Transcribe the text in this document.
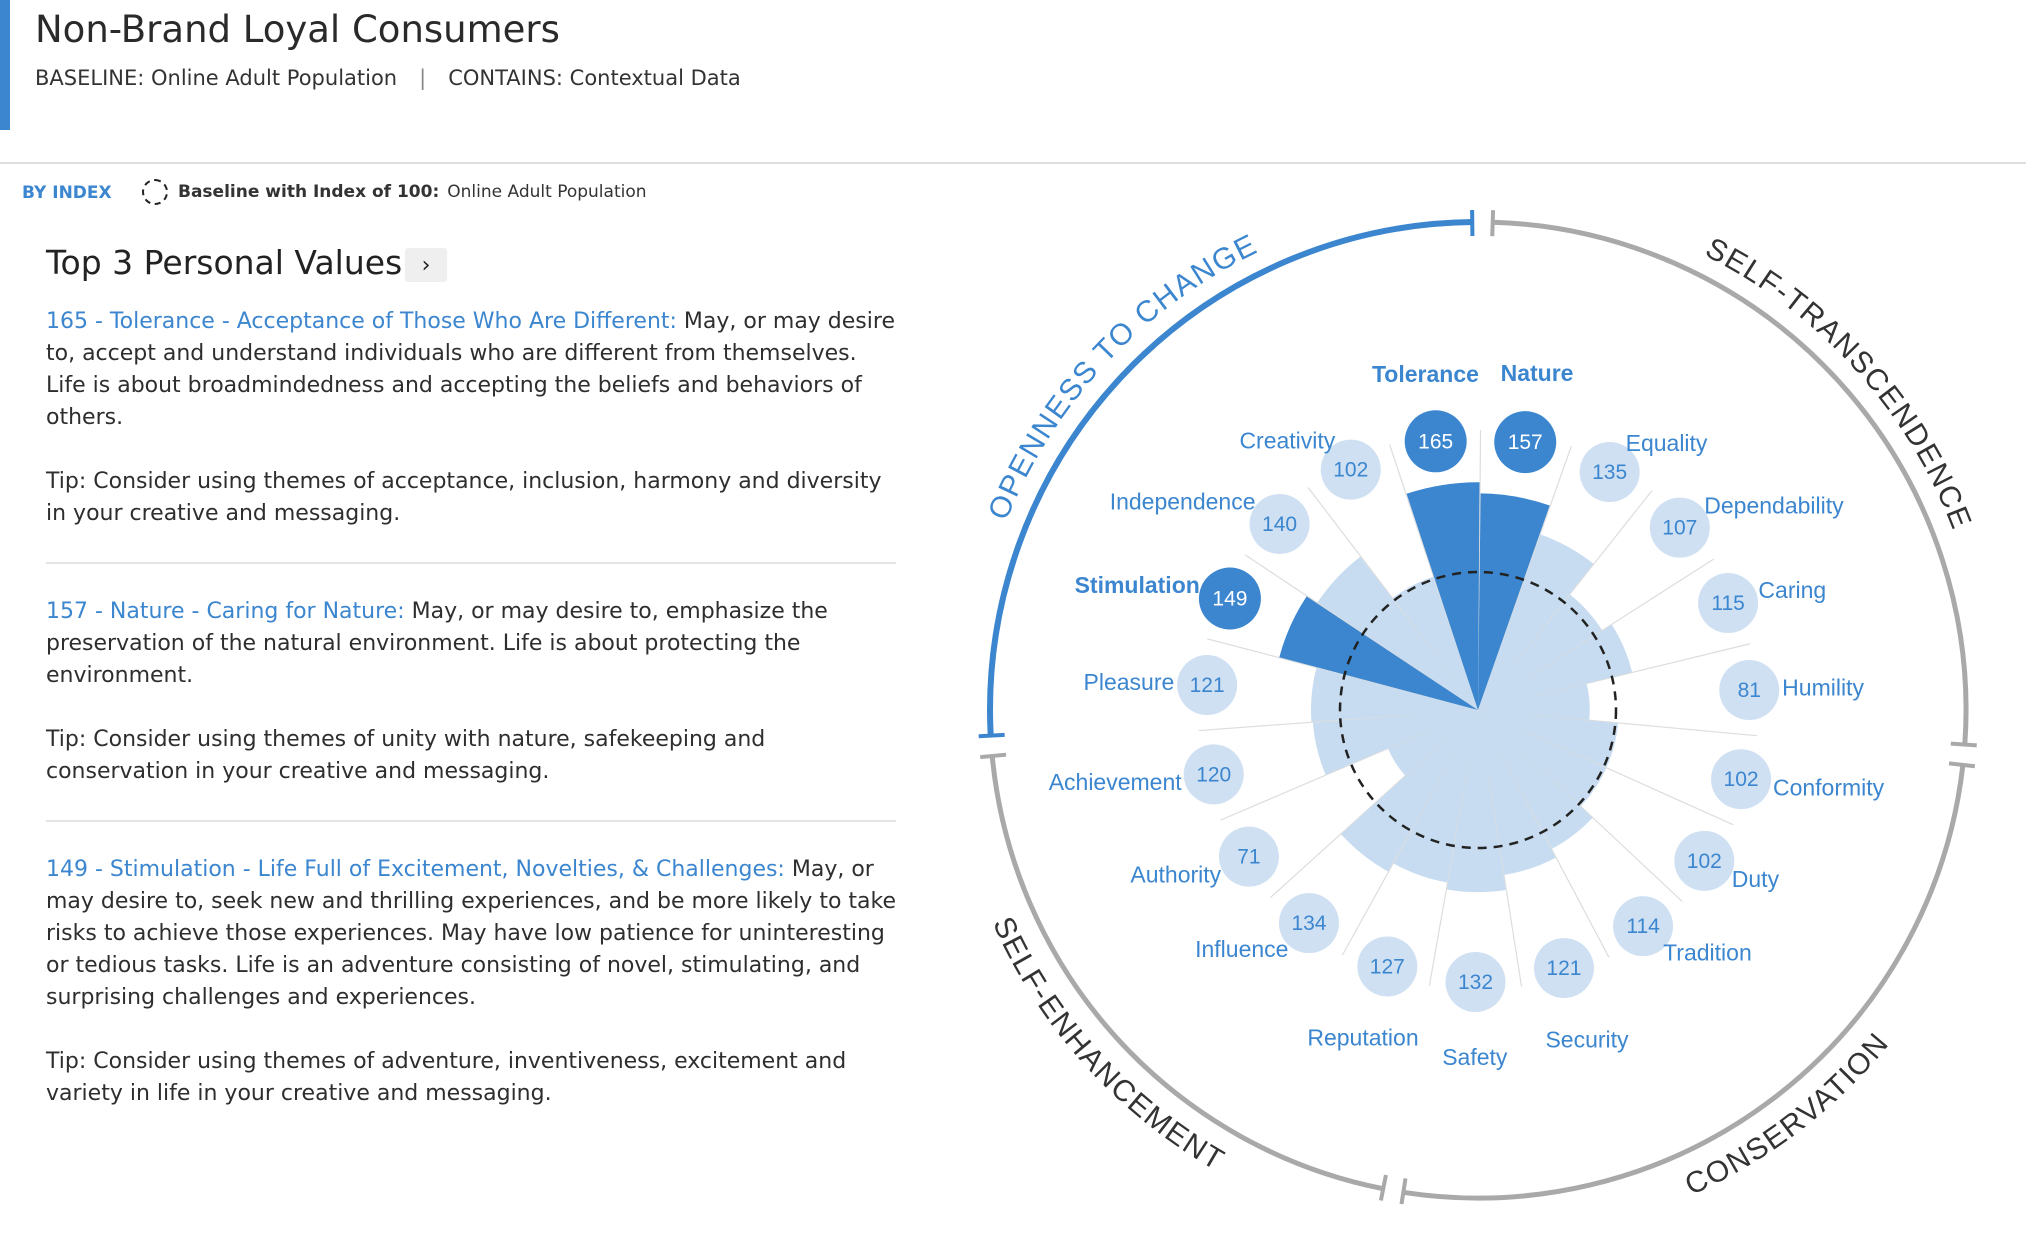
Non-Brand Loyal Consumers
BASELINE: Online Adult Population | CONTAINS: Contextual Data
BY INDEX	Baseline with Index of 100: Online Adult Population
Top 3 Personal Values ›

165 - Tolerance - Acceptance of Those Who Are Different: May, or may desire to, accept and understand individuals who are different from themselves. Life is about broadmindedness and accepting the beliefs and behaviors of others.

Tip: Consider using themes of acceptance, inclusion, harmony and diversity in your creative and messaging.

157 - Nature - Caring for Nature: May, or may desire to, emphasize the preservation of the natural environment. Life is about protecting the environment.

Tip: Consider using themes of unity with nature, safekeeping and conservation in your creative and messaging.

149 - Stimulation - Life Full of Excitement, Novelties, & Challenges: May, or may desire to, seek new and thrilling experiences, and be more likely to take risks to achieve those experiences. May have low patience for uninteresting or tedious tasks. Life is an adventure consisting of novel, stimulating, and surprising challenges and experiences.

Tip: Consider using themes of adventure, inventiveness, excitement and variety in life in your creative and messaging.

157
Nature
135
Equality
107
Dependability
115
Caring
81 Humility
102 Conformity
102
Duty
114
Tradition
121
Security
132
Safety
127
Reputation
134
Influence
71
Authority
120
Achievement
121
Pleasure
149
Stimulation
140
Independence
102
Creativity	165
Tolerance
SELF-TRANSCENDENCE
CONSERVATION
SELF-ENHANCEMENT
OPENNESS TO CHANGE
